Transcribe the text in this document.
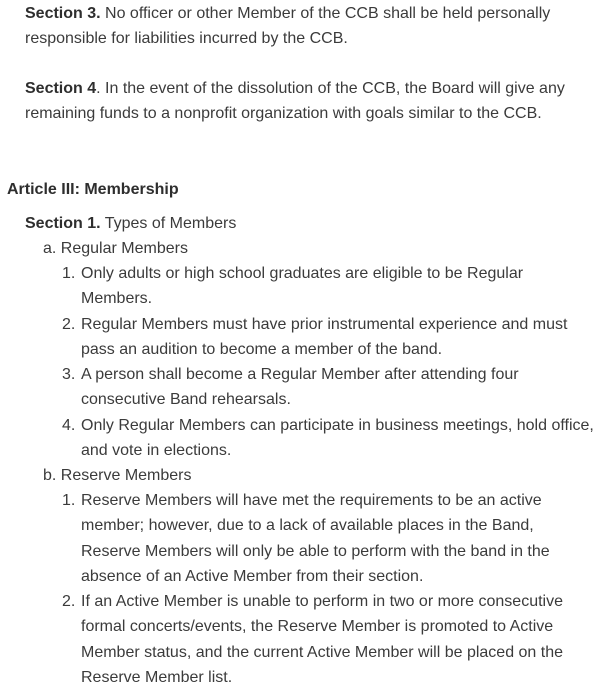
Section 3. No officer or other Member of the CCB shall be held personally responsible for liabilities incurred by the CCB.
Section 4. In the event of the dissolution of the CCB, the Board will give any remaining funds to a nonprofit organization with goals similar to the CCB.
Article III: Membership
Section 1. Types of Members
a. Regular Members
1. Only adults or high school graduates are eligible to be Regular Members.
2. Regular Members must have prior instrumental experience and must pass an audition to become a member of the band.
3. A person shall become a Regular Member after attending four consecutive Band rehearsals.
4. Only Regular Members can participate in business meetings, hold office, and vote in elections.
b. Reserve Members
1. Reserve Members will have met the requirements to be an active member; however, due to a lack of available places in the Band, Reserve Members will only be able to perform with the band in the absence of an Active Member from their section.
2. If an Active Member is unable to perform in two or more consecutive formal concerts/events, the Reserve Member is promoted to Active Member status, and the current Active Member will be placed on the Reserve Member list.
